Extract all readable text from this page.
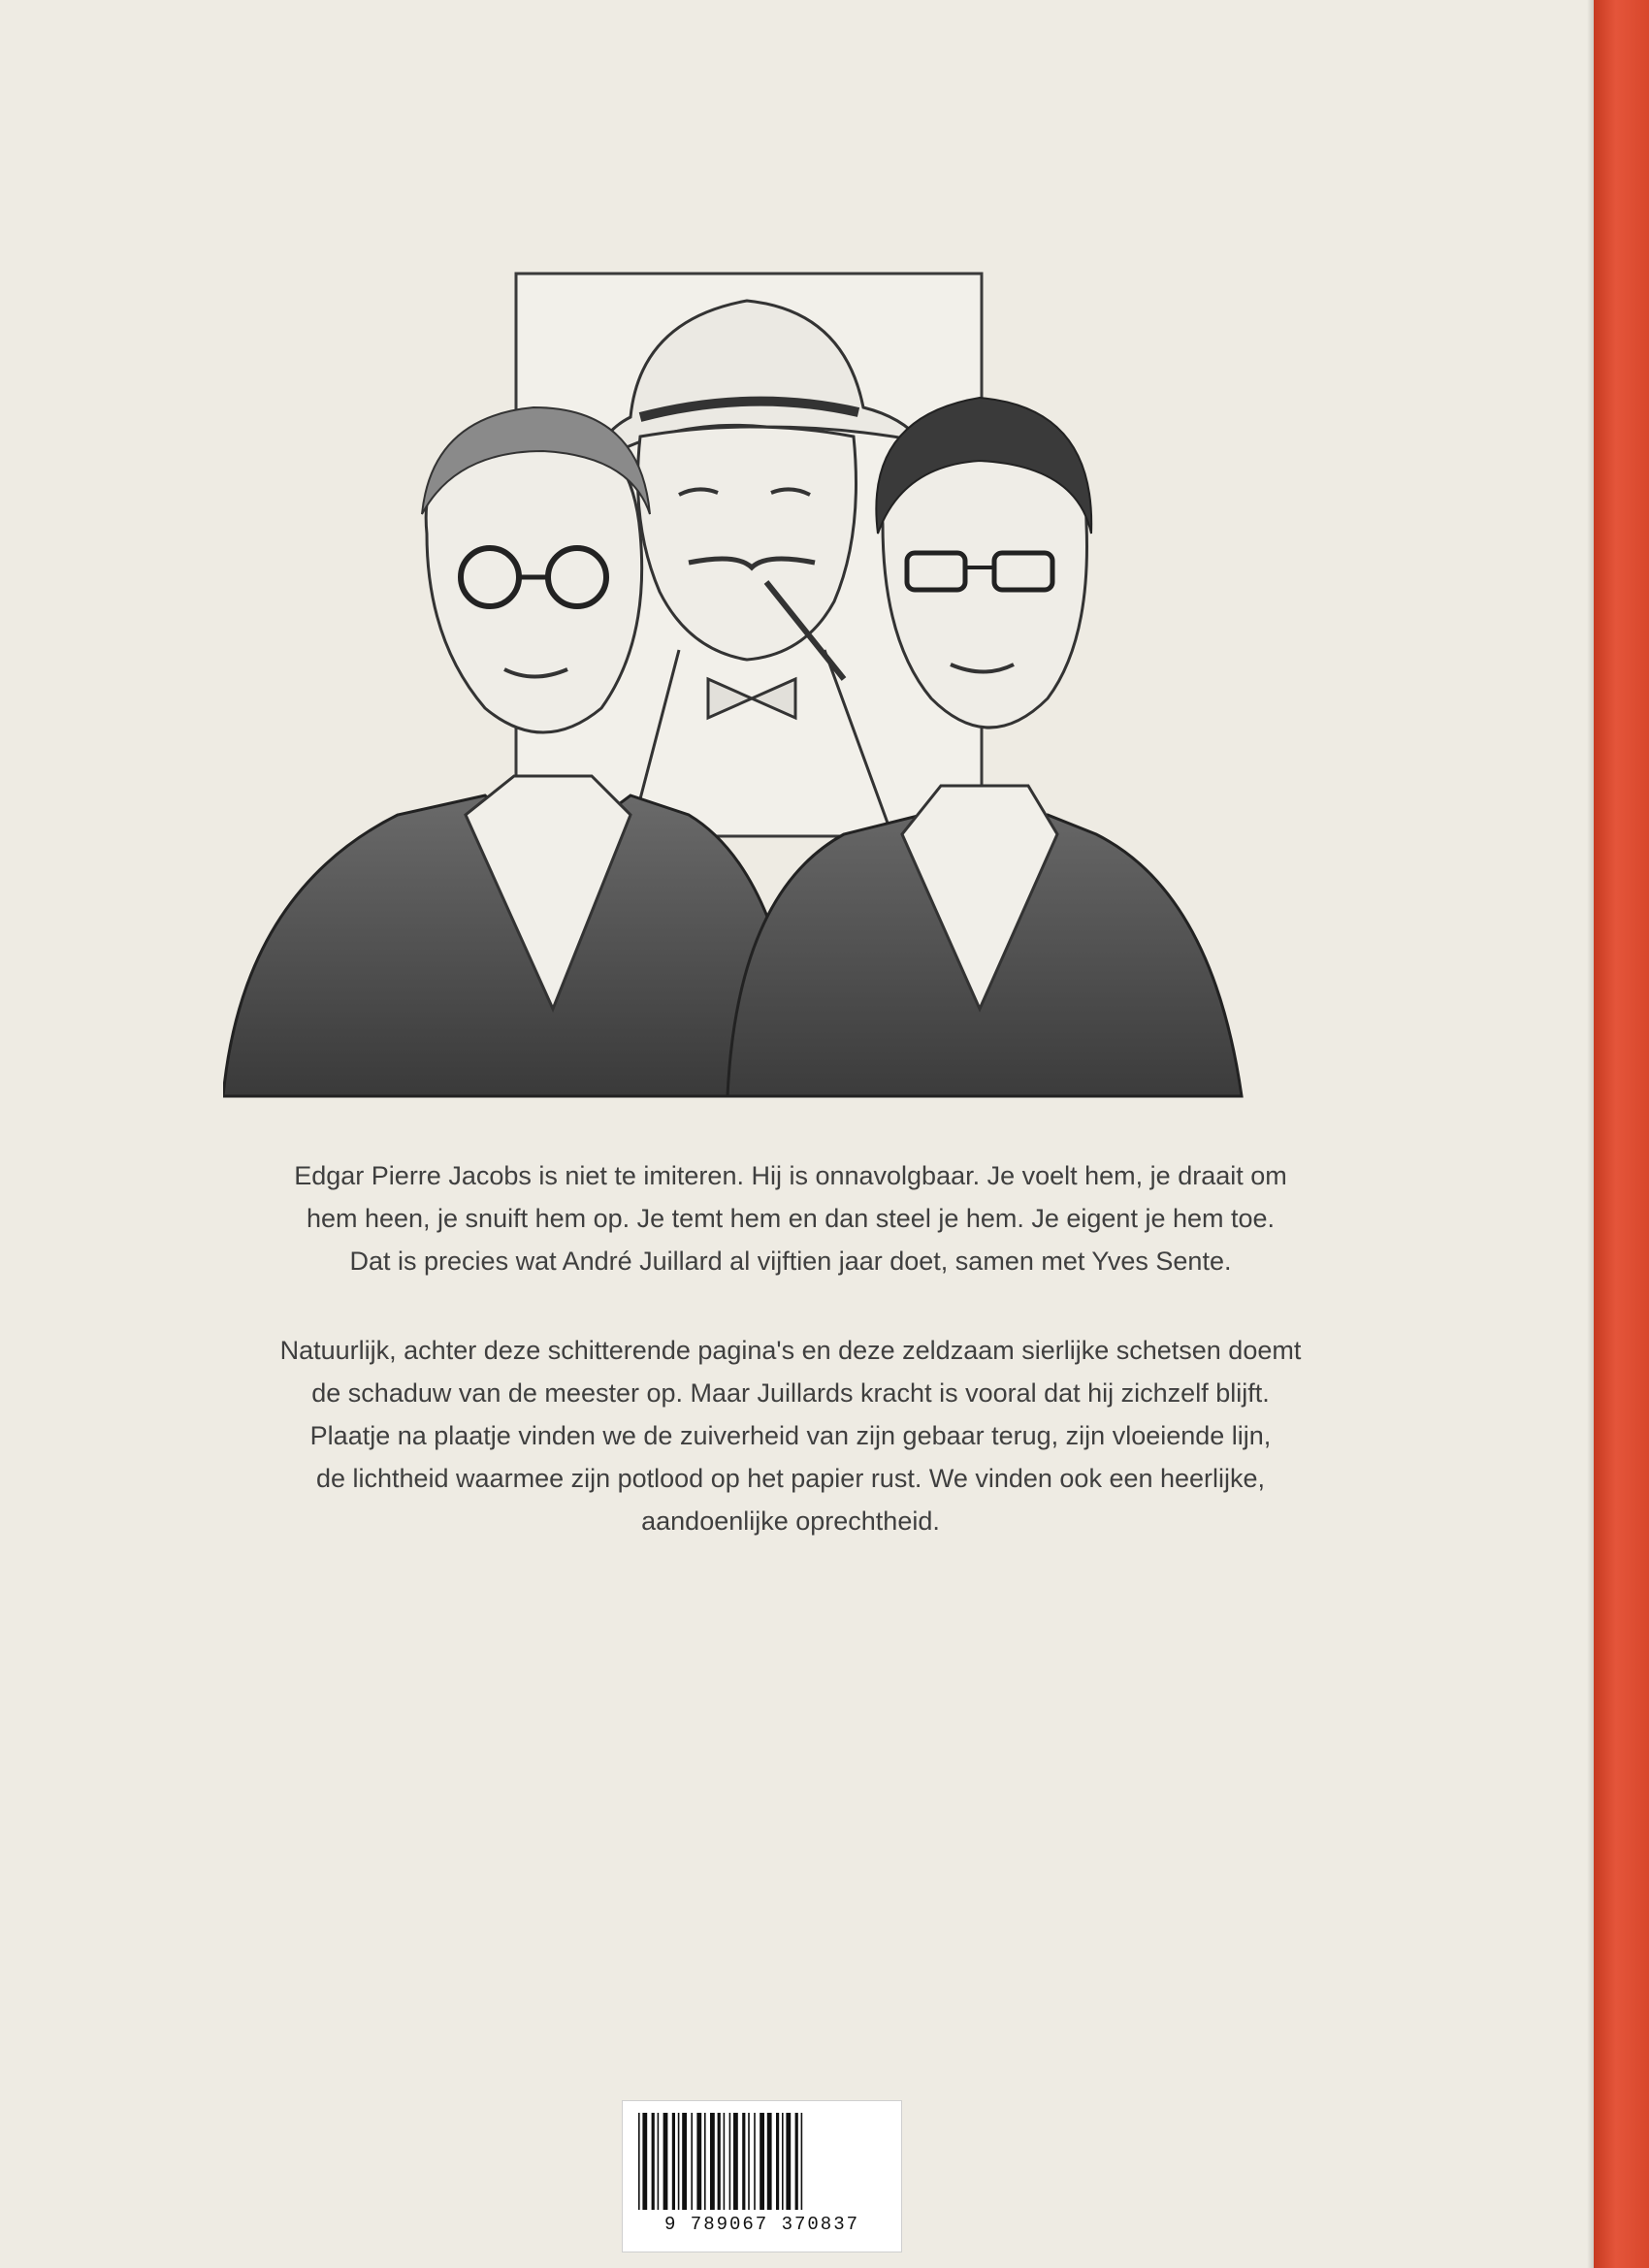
Edgar Pierre Jacobs is niet te imiteren. Hij is onnavolgbaar. Je voelt hem, je draait om
hem heen, je snuift hem op. Je temt hem en dan steel je hem. Je eigent je hem toe.
Dat is precies wat André Juillard al vijftien jaar doet, samen met Yves Sente.

Natuurlijk, achter deze schitterende pagina's en deze zeldzaam sierlijke schetsen doemt
de schaduw van de meester op. Maar Juillards kracht is vooral dat hij zichzelf blijft.
Plaatje na plaatje vinden we de zuiverheid van zijn gebaar terug, zijn vloeiende lijn,
de lichtheid waarmee zijn potlood op het papier rust. We vinden ook een heerlijke,
aandoenlijke oprechtheid.

9 789067 370837
